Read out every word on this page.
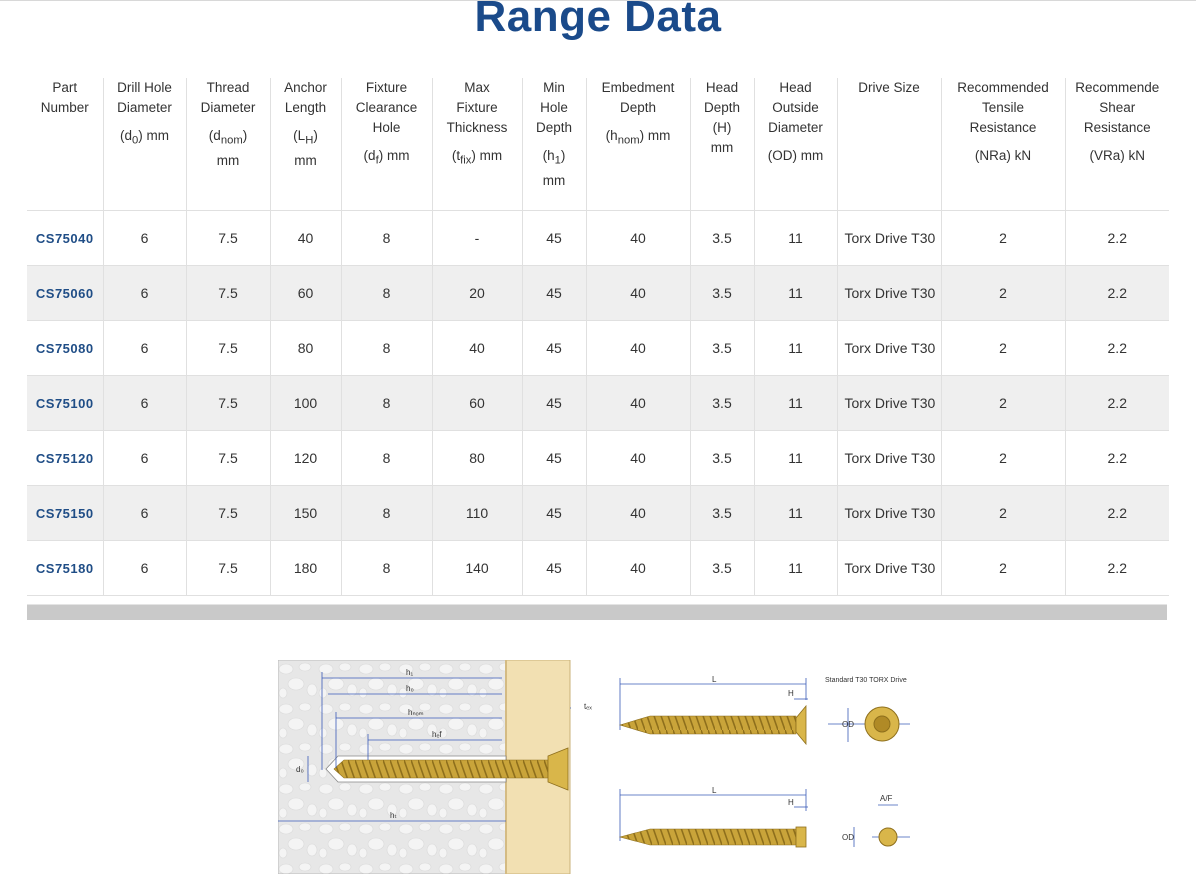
Range Data
Part
Number	Drill Hole
Diameter
$(d_0)$ mm	Thread
Diameter
$(d_{nom})$
mm	Anchor
Length
$(L_H)$
mm	Fixture
Clearance
Hole
$(d_f)$ mm	Max
Fixture
Thickness
$(t_{fix})$ mm	Min
Hole
Depth
$(h_1)$
mm	Embedment
Depth
$(h_{nom})$ mm	Head
Depth
(H)
mm	Head
Outside
Diameter
(OD) mm	Drive Size	Recommended
Tensile
Resistance
(NRa) kN	Recommende
Shear
Resistance
(VRa) kN

CS75040	6	7.5	40	8	-	45	40	3.5	11	Torx Drive T30	2	2.2
CS75060	6	7.5	60	8	20	45	40	3.5	11	Torx Drive T30	2	2.2
CS75080	6	7.5	80	8	40	45	40	3.5	11	Torx Drive T30	2	2.2
CS75100	6	7.5	100	8	60	45	40	3.5	11	Torx Drive T30	2	2.2
CS75120	6	7.5	120	8	80	45	40	3.5	11	Torx Drive T30	2	2.2
CS75150	6	7.5	150	8	110	45	40	3.5	11	Torx Drive T30	2	2.2
CS75180	6	7.5	180	8	140	45	40	3.5	11	Torx Drive T30	2	2.2
h₁
h₀
hₙₒₘ
hₑf
hₜ
d₀
tₑₓ
L
H
OD
Standard T30 TORX Drive
L
H	A/F
OD
